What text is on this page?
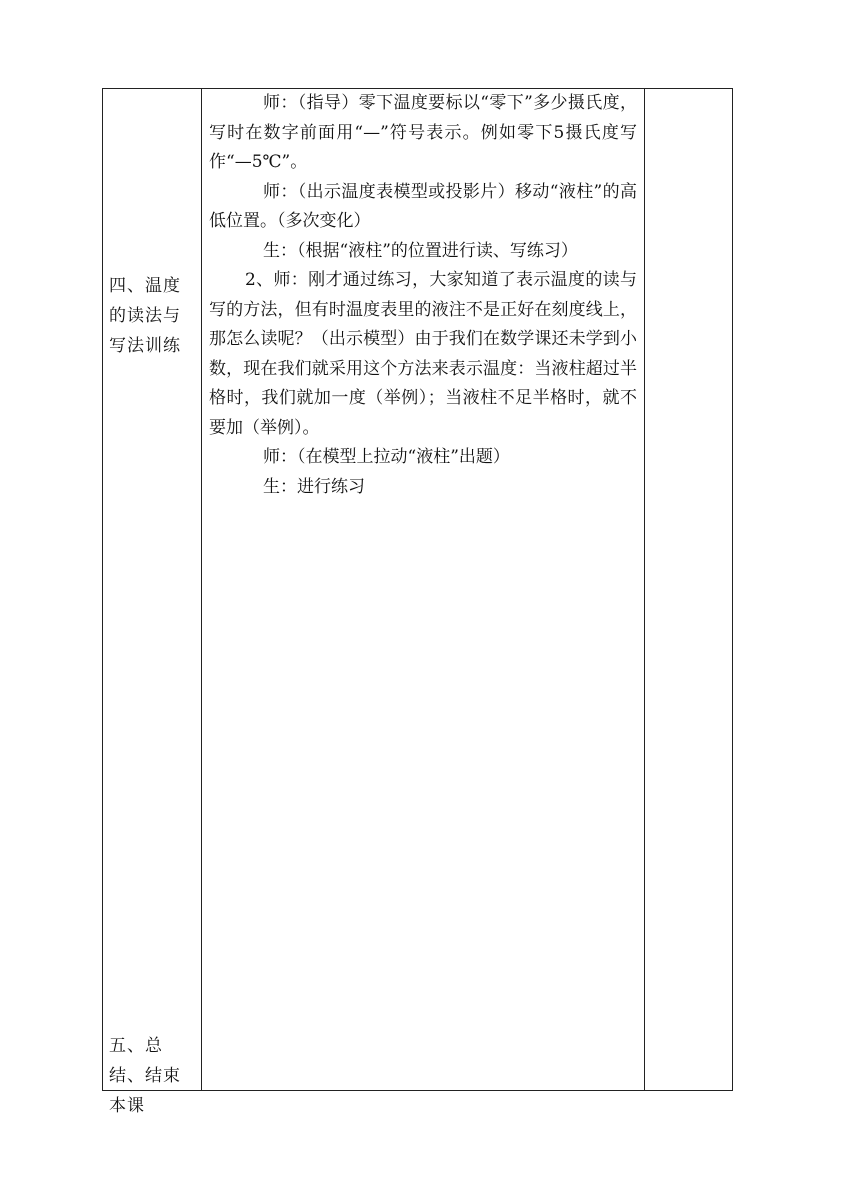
四、温度的读法与写法训练
五、总结、结束本课

师：（指导）零下温度要标以“零下”多少摄氏度，写时在数字前面用“—”符号表示。例如零下5摄氏度写作“—5℃”。

师：（出示温度表模型或投影片）移动“液柱”的高低位置。（多次变化）

生：（根据“液柱”的位置进行读、写练习）

2、师：刚才通过练习，大家知道了表示温度的读与写的方法，但有时温度表里的液注不是正好在刻度线上，那怎么读呢？（出示模型）由于我们在数学课还未学到小数，现在我们就采用这个方法来表示温度：当液柱超过半格时，我们就加一度（举例）；当液柱不足半格时，就不要加（举例）。

师：（在模型上拉动“液柱”出题）

生：进行练习
